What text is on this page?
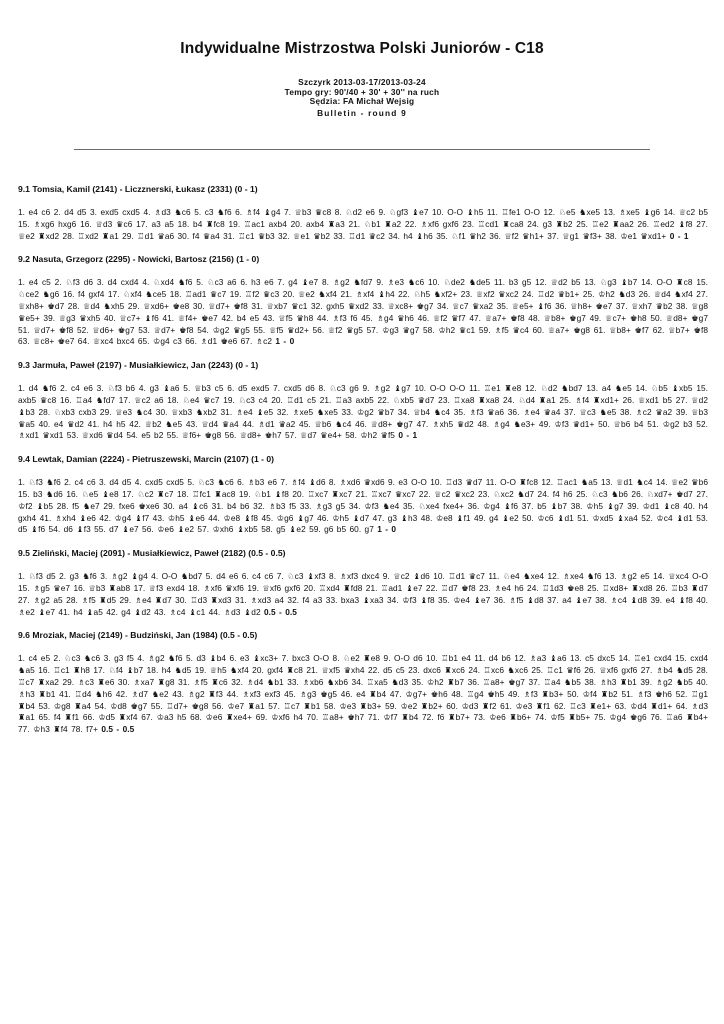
Indywidualne Mistrzostwa Polski Juniorów - C18
Szczyrk 2013-03-17/2013-03-24
Tempo gry: 90'/40 + 30' + 30'' na ruch
Sędzia: FA Michał Wejsig
Bulletin - round 9
9.1 Tomsia, Kamil (2141) - Liczznerski, Łukasz (2331) (0 - 1)
1. e4 c6 2. d4 d5 3. exd5 cxd5 4. ♗d3 ♞c6 5. c3 ♞f6 6. ♗f4 ♝g4 7. ♕b3 ♛c8 8. ♘d2 e6 9. ♘gf3 ♝e7 10. O-O ♝h5 11. ♖fe1 O-O 12. ♘e5 ♞xe5 13. ♗xe5 ♝g6 14. ♕c2 b5 15. ♗xg6 hxg6 16. ♕d3 ♛c6 17. a3 a5 18. b4 ♜fc8 19. ♖ac1 axb4 20. axb4 ♜a3 21. ♘b1 ♜a2 22. ♗xf6 gxf6 23. ♖cd1 ♜ca8 24. g3 ♜b2 25. ♖e2 ♜aa2 26. ♖ed2 ♝f8 27. ♕e2 ♜xd2 28. ♖xd2 ♜a1 29. ♖d1 ♛a6 30. f4 ♛a4 31. ♖c1 ♛b3 32. ♕e1 ♛b2 33. ♖d1 ♛c2 34. h4 ♝h6 35. ♘f1 ♛h2 36. ♕f2 ♛h1+ 37. ♕g1 ♛f3+ 38. ♔e1 ♛xd1+ 0 - 1
9.2 Nasuta, Grzegorz (2295) - Nowicki, Bartosz (2156) (1 - 0)
1. e4 c5 2. ♘f3 d6 3. d4 cxd4 4. ♘xd4 ♞f6 5. ♘c3 a6 6. h3 e6 7. g4 ♝e7 8. ♗g2 ♞fd7 9. ♗e3 ♞c6 10. ♘de2 ♞de5 11. b3 g5 12. ♕d2 b5 13. ♘g3 ♝b7 14. O-O ♜c8 15. ♘ce2 ♞g6 16. f4 gxf4 17. ♘xf4 ♞ce5 18. ♖ad1 ♛c7 19. ♖f2 ♛c3 20. ♕e2 ♞xf4 21. ♗xf4 ♝h4 22. ♘h5 ♞xf2+ 23. ♕xf2 ♛xc2 24. ♖d2 ♛b1+ 25. ♔h2 ♞d3 26. ♕d4 ♞xf4 27. ♕xh8+ ♚d7 28. ♕d4 ♞xh5 29. ♕xd6+ ♚e8 30. ♕d7+ ♚f8 31. ♕xb7 ♛c1 32. gxh5 ♛xd2 33. ♕xc8+ ♚g7 34. ♕c7 ♛xa2 35. ♕e5+ ♝f6 36. ♕h8+ ♚e7 37. ♕xh7 ♛b2 38. ♕g8 ♛e5+ 39. ♕g3 ♛xh5 40. ♕c7+ ♝f6 41. ♕f4+ ♚e7 42. b4 e5 43. ♕f5 ♛h8 44. ♗f3 f6 45. ♗g4 ♛h6 46. ♕f2 ♛f7 47. ♕a7+ ♚f8 48. ♕b8+ ♚g7 49. ♕c7+ ♚h8 50. ♕d8+ ♚g7 51. ♕d7+ ♚f8 52. ♕d6+ ♚g7 53. ♕d7+ ♚f8 54. ♔g2 ♛g5 55. ♕f5 ♛d2+ 56. ♕f2 ♛g5 57. ♔g3 ♛g7 58. ♔h2 ♛c1 59. ♗f5 ♛c4 60. ♕a7+ ♚g8 61. ♕b8+ ♚f7 62. ♕b7+ ♚f8 63. ♕c8+ ♚e7 64. ♕xc4 bxc4 65. ♔g4 c3 66. ♗d1 ♚e6 67. ♗c2 1 - 0
9.3 Jarmuła, Paweł (2197) - Musiałkiewicz, Jan (2243) (0 - 1)
1. d4 ♞f6 2. c4 e6 3. ♘f3 b6 4. g3 ♝a6 5. ♕b3 c5 6. d5 exd5 7. cxd5 d6 8. ♘c3 g6 9. ♗g2 ♝g7 10. O-O O-O 11. ♖e1 ♜e8 12. ♘d2 ♞bd7 13. a4 ♞e5 14. ♘b5 ♝xb5 15. axb5 ♛c8 16. ♖a4 ♞fd7 17. ♕c2 a6 18. ♘e4 ♛c7 19. ♘c3 c4 20. ♖d1 c5 21. ♖a3 axb5 22. ♘xb5 ♛d7 23. ♖xa8 ♜xa8 24. ♘d4 ♜a1 25. ♗f4 ♜xd1+ 26. ♕xd1 b5 27. ♕d2 ♝b3 28. ♘xb3 cxb3 29. ♕e3 ♞c4 30. ♕xb3 ♞xb2 31. ♗e4 ♝e5 32. ♗xe5 ♞xe5 33. ♔g2 ♛b7 34. ♕b4 ♞c4 35. ♗f3 ♛a6 36. ♗e4 ♛a4 37. ♕c3 ♞e5 38. ♗c2 ♛a2 39. ♕b3 ♛a5 40. e4 ♛d2 41. h4 h5 42. ♕b2 ♞e5 43. ♕d4 ♛a4 44. ♗d1 ♛a2 45. ♕b6 ♞c4 46. ♕d8+ ♚g7 47. ♗xh5 ♛d2 48. ♗g4 ♞e3+ 49. ♔f3 ♛d1+ 50. ♕b6 b4 51. ♔g2 b3 52. ♗xd1 ♛xd1 53. ♕xd6 ♛d4 54. e5 b2 55. ♕f6+ ♚g8 56. ♕d8+ ♚h7 57. ♕d7 ♛e4+ 58. ♔h2 ♛f5 0 - 1
9.4 Lewtak, Damian (2224) - Pietruszewski, Marcin (2107) (1 - 0)
1. ♘f3 ♞f6 2. c4 c6 3. d4 d5 4. cxd5 cxd5 5. ♘c3 ♞c6 6. ♗b3 e6 7. ♗f4 ♝d6 8. ♗xd6 ♛xd6 9. e3 O-O 10. ♖d3 ♛d7 11. O-O ♜fc8 12. ♖ac1 ♞a5 13. ♕d1 ♞c4 14. ♕e2 ♛b6 15. b3 ♞d6 16. ♘e5 ♝e8 17. ♘c2 ♜c7 18. ♖fc1 ♜ac8 19. ♘b1 ♝f8 20. ♖xc7 ♜xc7 21. ♖xc7 ♛xc7 22. ♕c2 ♛xc2 23. ♘xc2 ♞d7 24. f4 h6 25. ♘c3 ♞b6 26. ♘xd7+ ♚d7 27. ♔f2 ♝b5 28. f5 ♞e7 29. fxe6 ♚xe6 30. a4 ♝c6 31. b4 b6 32. ♗b3 f5 33. ♗g3 g5 34. ♔f3 ♞e4 35. ♘xe4 fxe4+ 36. ♔g4 ♝f6 37. b5 ♝b7 38. ♔h5 ♝g7 39. ♔d1 ♝c8 40. h4 gxh4 41. ♗xh4 ♝e6 42. ♔g4 ♝f7 43. ♔h5 ♝e6 44. ♔e8 ♝f8 45. ♔g6 ♝g7 46. ♔h5 ♝d7 47. g3 ♝h3 48. ♔e8 ♝f1 49. g4 ♝e2 50. ♔c6 ♝d1 51. ♔xd5 ♝xa4 52. ♔c4 ♝d1 53. d5 ♝f6 54. d6 ♝f3 55. d7 ♝e7 56. ♔e6 ♝e2 57. ♔xh6 ♝xb5 58. g5 ♝e2 59. g6 b5 60. g7 1 - 0
9.5 Zieliński, Maciej (2091) - Musiałkiewicz, Paweł (2182) (0.5 - 0.5)
1. ♘f3 d5 2. g3 ♞f6 3. ♗g2 ♝g4 4. O-O ♞bd7 5. d4 e6 6. c4 c6 7. ♘c3 ♝xf3 8. ♗xf3 dxc4 9. ♕c2 ♝d6 10. ♖d1 ♛c7 11. ♘e4 ♞xe4 12. ♗xe4 ♞f6 13. ♗g2 e5 14. ♕xc4 O-O 15. ♗g5 ♛e7 16. ♕b3 ♜ab8 17. ♕f3 exd4 18. ♗xf6 ♛xf6 19. ♕xf6 gxf6 20. ♖xd4 ♜fd8 21. ♖ad1 ♝e7 22. ♖d7 ♚f8 23. ♗e4 h6 24. ♖1d3 ♚e8 25. ♖xd8+ ♜xd8 26. ♖b3 ♜d7 27. ♗g2 a5 28. ♗f5 ♜d5 29. ♗e4 ♜d7 30. ♖d3 ♜xd3 31. ♗xd3 a4 32. f4 a3 33. bxa3 ♝xa3 34. ♔f3 ♝f8 35. ♔e4 ♝e7 36. ♗f5 ♝d8 37. a4 ♝e7 38. ♗c4 ♝d8 39. e4 ♝f8 40. ♗e2 ♝e7 41. h4 ♝a5 42. g4 ♝d2 43. ♗c4 ♝c1 44. ♗d3 ♝d2 0.5 - 0.5
9.6 Mroziak, Maciej (2149) - Budziński, Jan (1984) (0.5 - 0.5)
1. c4 e5 2. ♘c3 ♞c6 3. g3 f5 4. ♗g2 ♞f6 5. d3 ♝b4 6. e3 ♝xc3+ 7. bxc3 O-O 8. ♘e2 ♜e8 9. O-O d6 10. ♖b1 e4 11. d4 b6 12. ♗a3 ♝a6 13. c5 dxc5 14. ♖e1 cxd4 15. cxd4 ♞a5 16. ♖c1 ♜h8 17. ♘f4 ♝b7 18. h4 ♞d5 19. ♕h5 ♞xf4 20. gxf4 ♜c8 21. ♕xf5 ♛xh4 22. d5 c5 23. dxc6 ♜xc6 24. ♖xc6 ♞xc6 25. ♖c1 ♛f6 26. ♕xf6 gxf6 27. ♗b4 ♞d5 28. ♖c7 ♜xa2 29. ♗c3 ♜e6 30. ♗xa7 ♜g8 31. ♗f5 ♜c6 32. ♗d4 ♞b1 33. ♗xb6 ♞xb6 34. ♖xa5 ♞d3 35. ♔h2 ♜b7 36. ♖a8+ ♚g7 37. ♖a4 ♞b5 38. ♗h3 ♜b1 39. ♗g2 ♞b5 40. ♗h3 ♜b1 41. ♖d4 ♞h6 42. ♗d7 ♞e2 43. ♗g2 ♜f3 44. ♗xf3 exf3 45. ♗g3 ♚g5 46. e4 ♜b4 47. ♔g7+ ♚h6 48. ♖g4 ♚h5 49. ♗f3 ♜b3+ 50. ♔f4 ♜b2 51. ♗f3 ♚h6 52. ♖g1 ♜b4 53. ♔g8 ♜a4 54. ♔d8 ♚g7 55. ♖d7+ ♚g8 56. ♔e7 ♜a1 57. ♖c7 ♜b1 58. ♔e3 ♜b3+ 59. ♔e2 ♜b2+ 60. ♔d3 ♜f2 61. ♔e3 ♜f1 62. ♖c3 ♜e1+ 63. ♔d4 ♜d1+ 64. ♗d3 ♜a1 65. f4 ♜f1 66. ♔d5 ♜xf4 67. ♔a3 h5 68. ♔e6 ♜xe4+ 69. ♔xf6 h4 70. ♖a8+ ♚h7 71. ♔f7 ♜b4 72. f6 ♜b7+ 73. ♔e6 ♜b6+ 74. ♔f5 ♜b5+ 75. ♔g4 ♚g6 76. ♖a6 ♜b4+ 77. ♔h3 ♜f4 78. f7+ 0.5 - 0.5
